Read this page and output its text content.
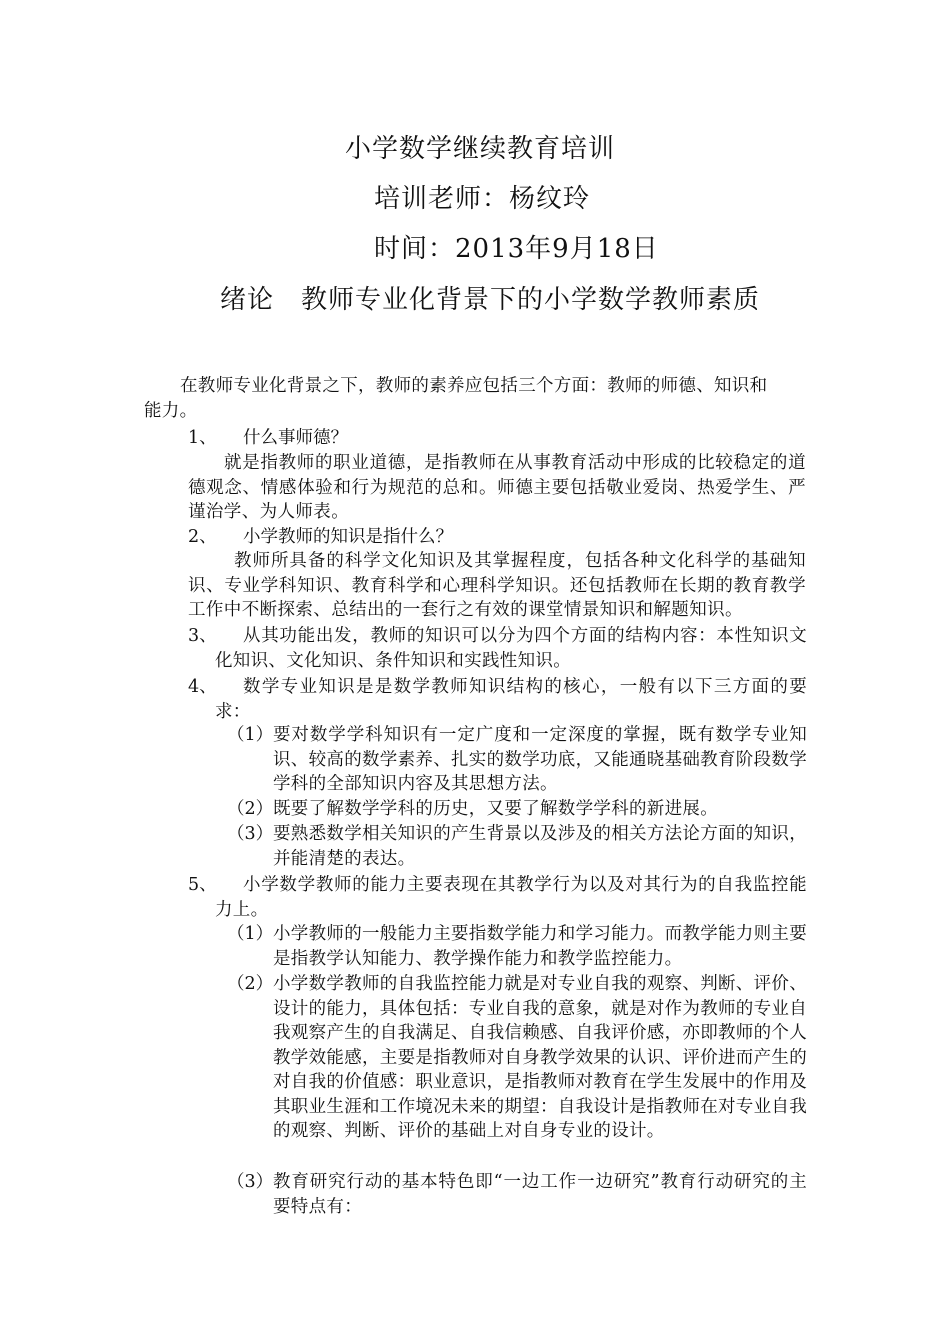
小学数学继续教育培训
培训老师：杨纹玲
时间：2013年9月18日
绪论　教师专业化背景下的小学数学教师素质
在教师专业化背景之下，教师的素养应包括三个方面：教师的师德、知识和
能力。
1、 什么事师德？
就是指教师的职业道德，是指教师在从事教育活动中形成的比较稳定的道德观念、情感体验和行为规范的总和。师德主要包括敬业爱岗、热爱学生、严谨治学、为人师表。
2、 小学教师的知识是指什么？
教师所具备的科学文化知识及其掌握程度，包括各种文化科学的基础知识、专业学科知识、教育科学和心理科学知识。还包括教师在长期的教育教学工作中不断探索、总结出的一套行之有效的课堂情景知识和解题知识。
3、	从其功能出发，教师的知识可以分为四个方面的结构内容：本性知识文化知识、文化知识、条件知识和实践性知识。
4、	数学专业知识是是数学教师知识结构的核心，一般有以下三方面的要求：
（1） 要对数学学科知识有一定广度和一定深度的掌握，既有数学专业知识、较高的数学素养、扎实的数学功底，又能通晓基础教育阶段数学学科的全部知识内容及其思想方法。
（2） 既要了解数学学科的历史，又要了解数学学科的新进展。
（3） 要熟悉数学相关知识的产生背景以及涉及的相关方法论方面的知识，并能清楚的表达。
5、	小学数学教师的能力主要表现在其教学行为以及对其行为的自我监控能力上。
（1） 小学教师的一般能力主要指数学能力和学习能力。而教学能力则主要是指教学认知能力、教学操作能力和教学监控能力。
（2） 小学数学教师的自我监控能力就是对专业自我的观察、判断、评价、设计的能力，具体包括：专业自我的意象，就是对作为教师的专业自我观察产生的自我满足、自我信赖感、自我评价感，亦即教师的个人教学效能感，主要是指教师对自身教学效果的认识、评价进而产生的对自我的价值感：职业意识，是指教师对教育在学生发展中的作用及其职业生涯和工作境况未来的期望：自我设计是指教师在对专业自我的观察、判断、评价的基础上对自身专业的设计。
（3） 教育研究行动的基本特色即“一边工作一边研究”教育行动研究的主要特点有：
